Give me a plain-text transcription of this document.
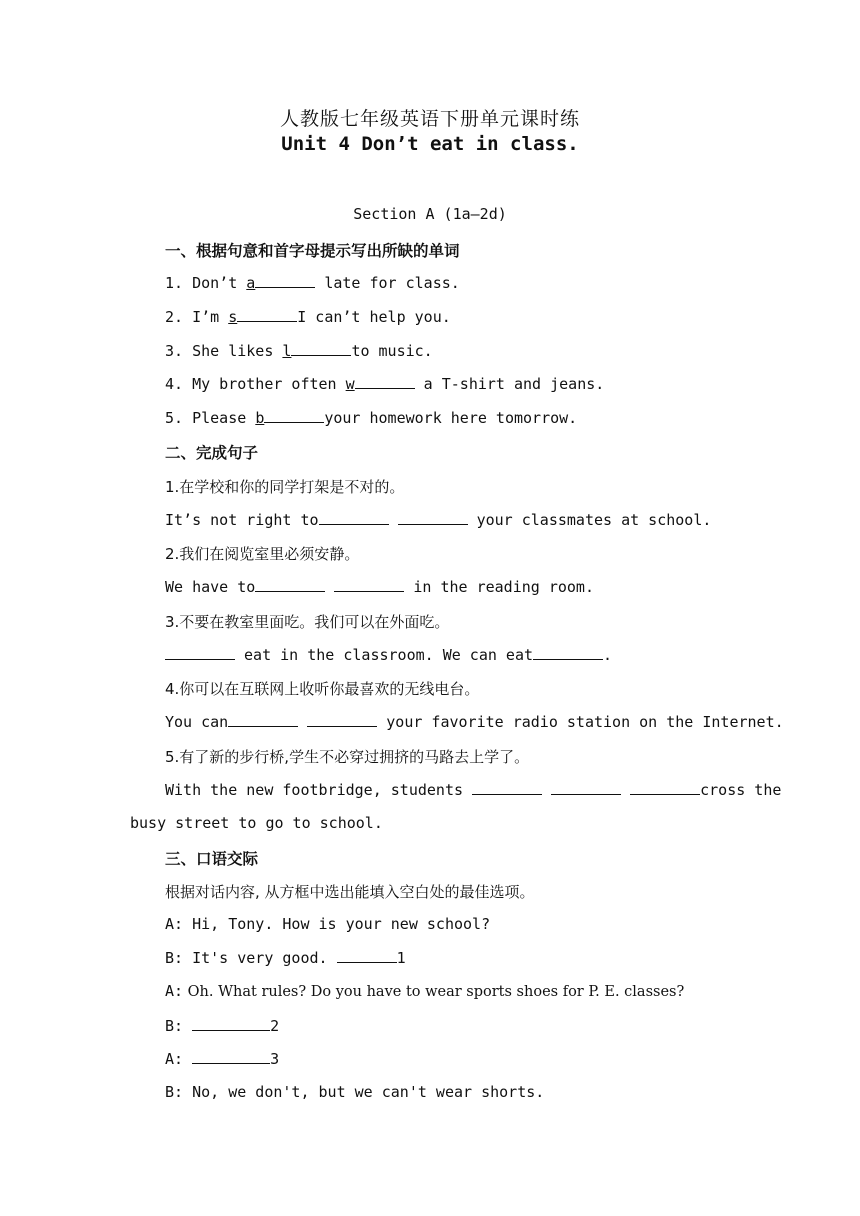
人教版七年级英语下册单元课时练
Unit 4 Don’t eat in class.
Section A (1a—2d)
一、根据句意和首字母提示写出所缺的单词
1. Don’t a	late for class.
2. I’m s	I can’t help you.
3. She likes l	to music.
4. My brother often w	a T-shirt and jeans.
5. Please b	your homework here tomorrow.
二、完成句子
1.在学校和你的同学打架是不对的。
It’s not right to	your classmates at school.
2.我们在阅览室里必须安静。
We have to	in the reading room.
3.不要在教室里面吃。我们可以在外面吃。
eat in the classroom. We can eat	.
4.你可以在互联网上收听你最喜欢的无线电台。
You can	your favorite radio station on the Internet.
5.有了新的步行桥,学生不必穿过拥挤的马路去上学了。
With the new footbridge, students	cross the
busy street to go to school.
三、口语交际
根据对话内容, 从方框中选出能填入空白处的最佳选项。
A: Hi, Tony. How is your new school?
B: It's very good.	1
A: Oh. What rules? Do you have to wear sports shoes for P. E. classes?
B:	2
A:	3
B: No, we don't, but we can't wear shorts.
